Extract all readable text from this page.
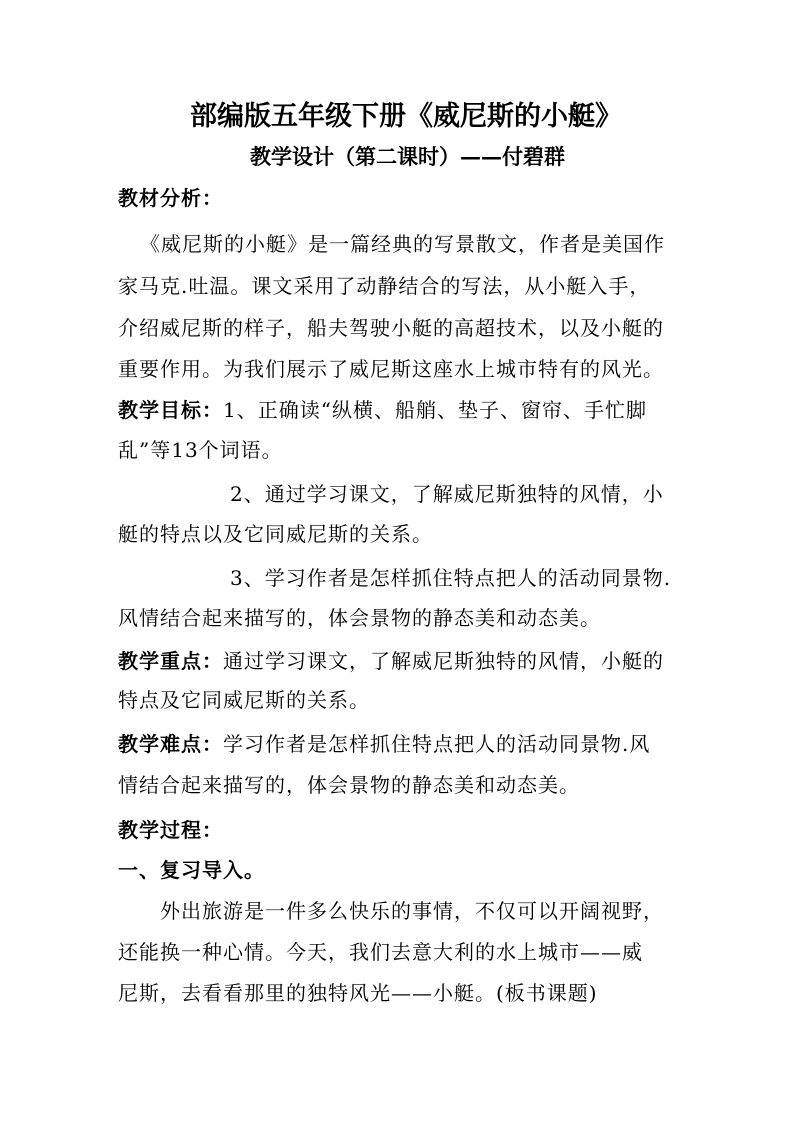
部编版五年级下册《威尼斯的小艇》
教学设计（第二课时）——付碧群
教材分析：
《威尼斯的小艇》是一篇经典的写景散文，作者是美国作
家马克.吐温。课文采用了动静结合的写法，从小艇入手，
介绍威尼斯的样子，船夫驾驶小艇的高超技术，以及小艇的
重要作用。为我们展示了威尼斯这座水上城市特有的风光。
教学目标：1、正确读“纵横、船艄、垫子、窗帘、手忙脚
乱”等13个词语。
2、通过学习课文，了解威尼斯独特的风情，小
艇的特点以及它同威尼斯的关系。
3、学习作者是怎样抓住特点把人的活动同景物.
风情结合起来描写的，体会景物的静态美和动态美。
教学重点：通过学习课文，了解威尼斯独特的风情，小艇的
特点及它同威尼斯的关系。
教学难点：学习作者是怎样抓住特点把人的活动同景物.风
情结合起来描写的，体会景物的静态美和动态美。
教学过程：
一、复习导入。
外出旅游是一件多么快乐的事情，不仅可以开阔视野，
还能换一种心情。今天，我们去意大利的水上城市——威
尼斯，去看看那里的独特风光——小艇。(板书课题)
